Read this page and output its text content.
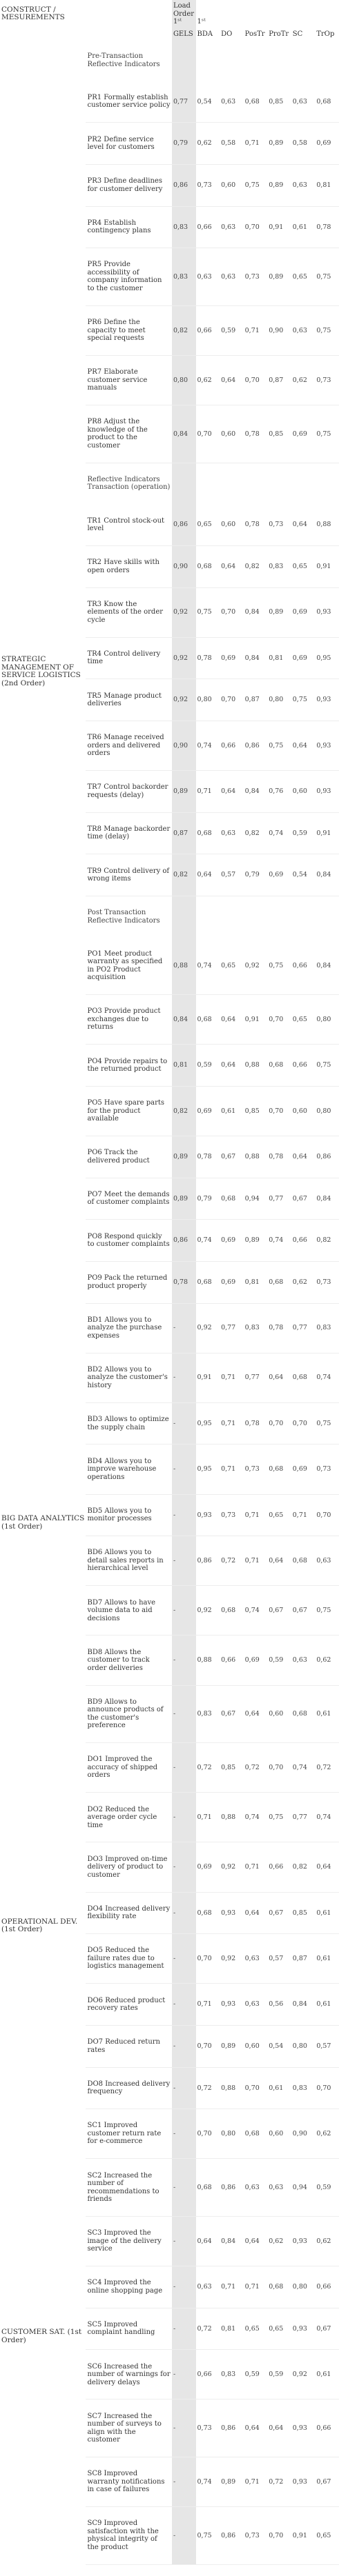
CONSTRUCT / MESUREMENTS		Load Order 1ˢᵗ	1ˢᵗ					
		GELS	BDA	DO	PosTr	ProTr	SC	TrOp
STRATEGIC MANAGEMENT OF SERVICE LOGISTICS (2nd Order)	Pre-Transaction Reflective Indicators							
	PR1 Formally establish customer service policy	0,77	0,54	0,63	0,68	0,85	0,63	0,68
	PR2 Define service level for customers	0,79	0,62	0,58	0,71	0,89	0,58	0,69
	PR3 Define deadlines for customer delivery	0,86	0,73	0,60	0,75	0,89	0,63	0,81
	PR4 Establish contingency plans	0,83	0,66	0,63	0,70	0,91	0,61	0,78
	PR5 Provide accessibility of company information to the customer	0,83	0,63	0,63	0,73	0,89	0,65	0,75
	PR6 Define the capacity to meet special requests	0,82	0,66	0,59	0,71	0,90	0,63	0,75
	PR7 Elaborate customer service manuals	0,80	0,62	0,64	0,70	0,87	0,62	0,73
	PR8 Adjust the knowledge of the product to the customer	0,84	0,70	0,60	0,78	0,85	0,69	0,75
	Reflective Indicators Transaction (operation)							
	TR1 Control stock-out level	0,86	0,65	0,60	0,78	0,73	0,64	0,88
	TR2 Have skills with open orders	0,90	0,68	0,64	0,82	0,83	0,65	0,91
	TR3 Know the elements of the order cycle	0,92	0,75	0,70	0,84	0,89	0,69	0,93
	TR4 Control delivery time	0,92	0,78	0,69	0,84	0,81	0,69	0,95
	TR5 Manage product deliveries	0,92	0,80	0,70	0,87	0,80	0,75	0,93
	TR6 Manage received orders and delivered orders	0,90	0,74	0,66	0,86	0,75	0,64	0,93
	TR7 Control backorder requests (delay)	0,89	0,71	0,64	0,84	0,76	0,60	0,93
	TR8 Manage backorder time (delay)	0,87	0,68	0,63	0,82	0,74	0,59	0,91
	TR9 Control delivery of wrong items	0,82	0,64	0,57	0,79	0,69	0,54	0,84
	Post Transaction Reflective Indicators							
	PO1 Meet product warranty as specified in PO2 Product acquisition	0,88	0,74	0,65	0,92	0,75	0,66	0,84
	PO3 Provide product exchanges due to returns	0,84	0,68	0,64	0,91	0,70	0,65	0,80
	PO4 Provide repairs to the returned product	0,81	0,59	0,64	0,88	0,68	0,66	0,75
	PO5 Have spare parts for the product available	0,82	0,69	0,61	0,85	0,70	0,60	0,80
	PO6 Track the delivered product	0,89	0,78	0,67	0,88	0,78	0,64	0,86
	PO7 Meet the demands of customer complaints	0,89	0,79	0,68	0,94	0,77	0,67	0,84
	PO8 Respond quickly to customer complaints	0,86	0,74	0,69	0,89	0,74	0,66	0,82
	PO9 Pack the returned product properly	0,78	0,68	0,69	0,81	0,68	0,62	0,73
BIG DATA ANALYTICS (1st Order)	BD1 Allows you to analyze the purchase expenses	-	0,92	0,77	0,83	0,78	0,77	0,83
	BD2 Allows you to analyze the customer's history	-	0,91	0,71	0,77	0,64	0,68	0,74
	BD3 Allows to optimize the supply chain	-	0,95	0,71	0,78	0,70	0,70	0,75
	BD4 Allows you to improve warehouse operations	-	0,95	0,71	0,73	0,68	0,69	0,73
	BD5 Allows you to monitor processes	-	0,93	0,73	0,71	0,65	0,71	0,70
	BD6 Allows you to detail sales reports in hierarchical level	-	0,86	0,72	0,71	0,64	0,68	0,63
	BD7 Allows to have volume data to aid decisions	-	0,92	0,68	0,74	0,67	0,67	0,75
	BD8 Allows the customer to track order deliveries	-	0,88	0,66	0,69	0,59	0,63	0,62
	BD9 Allows to announce products of the customer's preference	-	0,83	0,67	0,64	0,60	0,68	0,61
OPERATIONAL DEV. (1st Order)	DO1 Improved the accuracy of shipped orders	-	0,72	0,85	0,72	0,70	0,74	0,72
	DO2 Reduced the average order cycle time	-	0,71	0,88	0,74	0,75	0,77	0,74
	DO3 Improved on-time delivery of product to customer	-	0,69	0,92	0,71	0,66	0,82	0,64
	DO4 Increased delivery flexibility rate	-	0,68	0,93	0,64	0,67	0,85	0,61
	DO5 Reduced the failure rates due to logistics management	-	0,70	0,92	0,63	0,57	0,87	0,61
	DO6 Reduced product recovery rates	-	0,71	0,93	0,63	0,56	0,84	0,61
	DO7 Reduced return rates	-	0,70	0,89	0,60	0,54	0,80	0,57
	DO8 Increased delivery frequency	-	0,72	0,88	0,70	0,61	0,83	0,70
CUSTOMER SAT. (1st Order)	SC1 Improved customer return rate for e-commerce	-	0,70	0,80	0,68	0,60	0,90	0,62
	SC2 Increased the number of recommendations to friends	-	0,68	0,86	0,63	0,63	0,94	0,59
	SC3 Improved the image of the delivery service	-	0,64	0,84	0,64	0,62	0,93	0,62
	SC4 Improved the online shopping page	-	0,63	0,71	0,71	0,68	0,80	0,66
	SC5 Improved complaint handling	-	0,72	0,81	0,65	0,65	0,93	0,67
	SC6 Increased the number of warnings for delivery delays	-	0,66	0,83	0,59	0,59	0,92	0,61
	SC7 Increased the number of surveys to align with the customer	-	0,73	0,86	0,64	0,64	0,93	0,66
	SC8 Improved warranty notifications in case of failures	-	0,74	0,89	0,71	0,72	0,93	0,67
	SC9 Improved satisfaction with the physical integrity of the product	-	0,75	0,86	0,73	0,70	0,91	0,65
